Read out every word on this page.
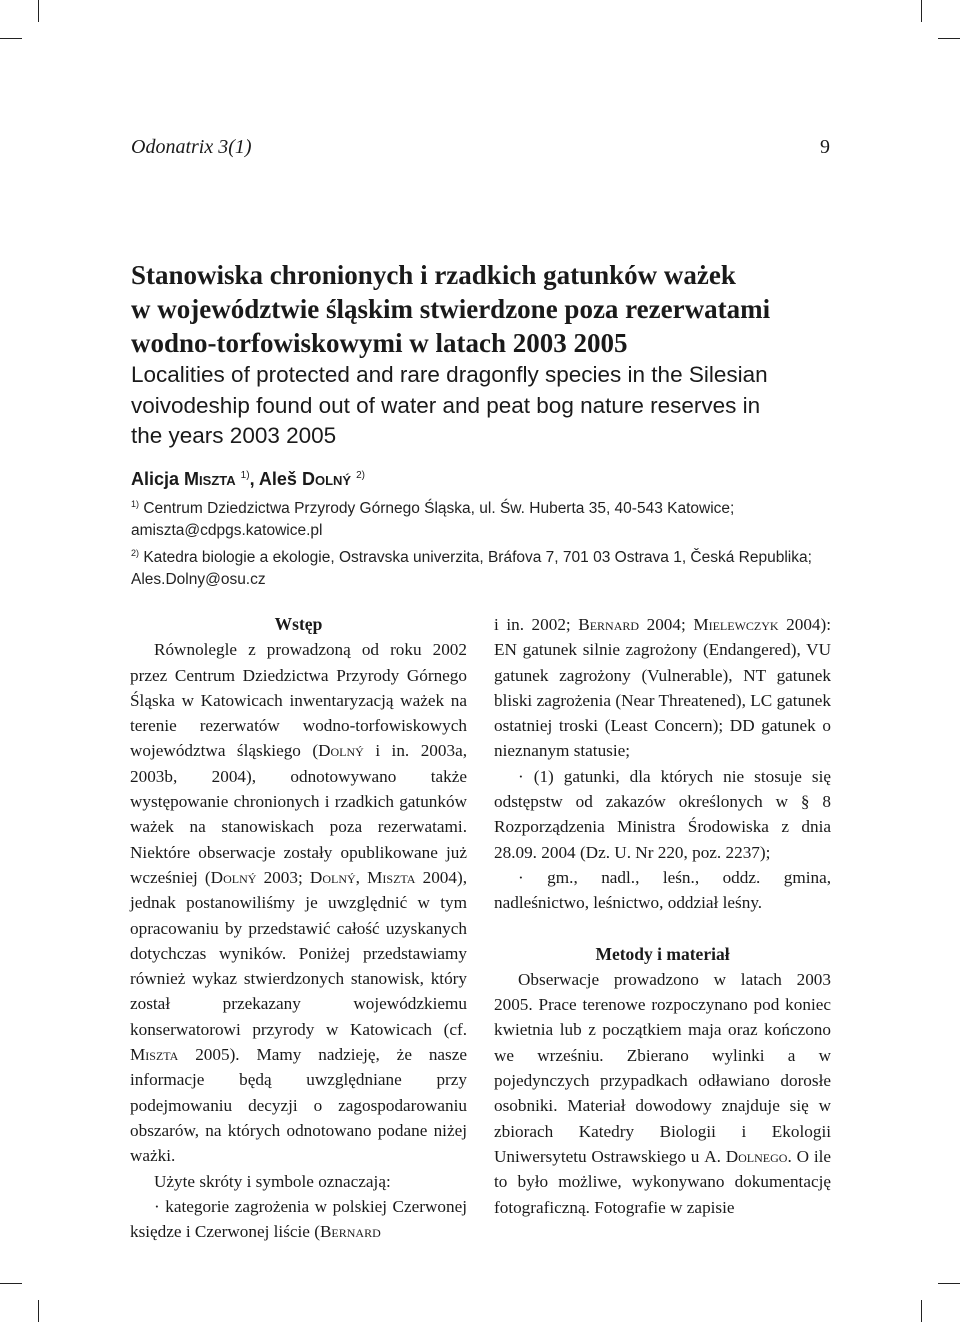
Odonatrix 3(1)	9
Stanowiska chronionych i rzadkich gatunków ważek
w województwie śląskim stwierdzone poza rezerwatami
wodno-torfowiskowymi w latach 2003 2005
Localities of protected and rare dragonfly species in the Silesian
voivodeship found out of water and peat bog nature reserves in
the years 2003 2005
Alicja Miszta $^{1)}$, Aleš Dolný $^{2)}$

$^{1)}$ Centrum Dziedzictwa Przyrody Górnego Śląska, ul. Św. Huberta 35, 40-543 Katowice;

amiszta@cdpgs.katowice.pl

$^{2)}$ Katedra biologie a ekologie, Ostravska univerzita, Bráfova 7, 701 03 Ostrava 1, Česká Republika;

Ales.Dolny@osu.cz

Wstęp

Równolegle z prowadzoną od roku 2002 przez Centrum Dziedzictwa Przyrody Górnego Śląska w Katowicach inwentaryzacją ważek na terenie rezerwatów wodno-torfowiskowych województwa śląskiego (Dolný i in. 2003a, 2003b, 2004), odnotowywano także występowanie chronionych i rzadkich gatunków ważek na stanowiskach poza rezerwatami. Niektóre obserwacje zostały opublikowane już wcześniej (Dolný 2003; Dolný, Miszta 2004), jednak postanowiliśmy je uwzględnić w tym opracowaniu by przedstawić całość uzyskanych dotychczas wyników. Poniżej przedstawiamy również wykaz stwierdzonych stanowisk, który został przekazany wojewódzkiemu konserwatorowi przyrody w Katowicach (cf. Miszta 2005). Mamy nadzieję, że nasze informacje będą uwzględniane przy podejmowaniu decyzji o zagospodarowaniu obszarów, na których odnotowano podane niżej ważki.

Użyte skróty i symbole oznaczają:

· kategorie zagrożenia w polskiej Czerwonej księdze i Czerwonej liście (Bernard

i in. 2002; Bernard 2004; Mielewczyk 2004): EN gatunek silnie zagrożony (Endangered), VU gatunek zagrożony (Vulnerable), NT gatunek bliski zagrożenia (Near Threatened), LC gatunek ostatniej troski (Least Concern); DD gatunek o nieznanym statusie;

· (1) gatunki, dla których nie stosuje się odstępstw od zakazów określonych w § 8 Rozporządzenia Ministra Środowiska z dnia 28.09. 2004 (Dz. U. Nr 220, poz. 2237);

· gm., nadl., leśn., oddz. gmina, nadleśnictwo, leśnictwo, oddział leśny.

Metody i materiał

Obserwacje prowadzono w latach 2003 2005. Prace terenowe rozpoczynano pod koniec kwietnia lub z początkiem maja oraz kończono we wrześniu. Zbierano wylinki a w pojedynczych przypadkach odławiano dorosłe osobniki. Materiał dowodowy znajduje się w zbiorach Katedry Biologii i Ekologii Uniwersytetu Ostrawskiego u A. Dolnego. O ile to było możliwe, wykonywano dokumentację fotograficzną. Fotografie w zapisie
